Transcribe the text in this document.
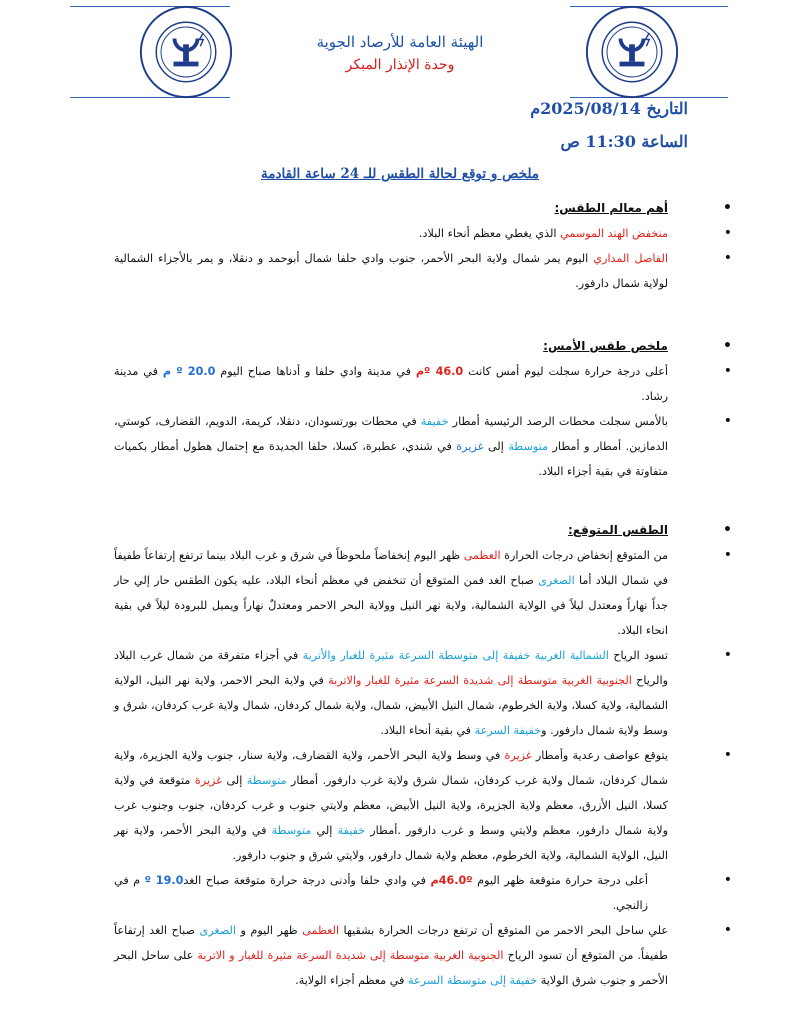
الهيئة العامة للأرصاد الجوية
وحدة الإنذار المبكر
التاريخ 2025/08/14م
الساعة 11:30 ص
ملخص و توقع لحالة الطقس للـ 24 ساعة القادمة
• أهم معالم الطقس:
• منخفض الهند الموسمي الذي يغطي معظم أنحاء البلاد.
• الفاصل المداري اليوم يمر شمال ولاية البحر الأحمر، جنوب وادي حلفا شمال أبوحمد و دنقلا، و يمر بالأجزاء الشمالية لولاية شمال دارفور.
• ملخص طقس الأمس:
• أعلى درجة حرارة سجلت ليوم أمس كانت 46.0 ºم في مدينة وادي حلفا و أدناها صباح اليوم º 20.0 م في مدينة رشاد.
• بالأمس سجلت محطات الرصد الرئيسية أمطار خفيفة في محطات بورتسودان، دنقلا، كريمة، الدويم، القضارف، كوستي، الدمازين. أمطار و أمطار متوسطة إلى غزيرة في شندي، عطبرة، كسلا، حلفا الجديدة مع إحتمال هطول أمطار بكميات متفاوتة في بقية أجزاء البلاد.
• الطقس المتوقع:
• من المتوقع إنخفاض درجات الحرارة العظمى ظهر اليوم إنخفاضاً ملحوظاً في شرق و غرب البلاد بينما ترتفع إرتفاعاً طفيفاً في شمال البلاد أما الصغرى صباح الغد فمن المتوقع أن تنخفض في معظم أنحاء البلاد، عليه يكون الطقس حار إلي حار جداً نهاراً ومعتدل ليلاً في الولاية الشمالية، ولاية نهر النيل وولاية البحر الاحمر ومعتدلٌ نهاراً ويميل للبرودة ليلاً في بقية انحاء البلاد.
• تسود الرياح الشمالية الغربية خفيفة إلى متوسطة السرعة مثيرة للغبار والأتربة في أجزاء متفرقة من شمال غرب البلاد والرياح الجنوبية الغربية متوسطة إلى شديدة السرعة مثيرة للغبار والاتربة في ولاية البحر الاحمر، ولاية نهر النيل، الولاية الشمالية، ولاية كسلا، ولاية الخرطوم، شمال النيل الأبيض، شمال، ولاية شمال كردفان، شمال ولاية غرب كردفان، شرق و وسط ولاية شمال دارفور. وخفيفة السرعة في بقية أنحاء البلاد.
• يتوقع عواصف رعدية وأمطار غزيرة في وسط ولاية البحر الأحمر، ولاية القضارف، ولاية سنار، جنوب ولاية الجزيرة، ولاية شمال كردفان، شمال ولاية غرب كردفان، شمال شرق ولاية غرب دارفور. أمطار متوسطة إلى غزيرة متوقعة في ولاية كسلا، النيل الأزرق، معظم ولاية الجزيرة، ولاية النيل الأبيض، معظم ولايتي جنوب و غرب كردفان، جنوب وجنوب غرب ولاية شمال دارفور، معظم ولايتي وسط و غرب دارفور .أمطار خفيفة إلي متوسطة في ولاية البحر الأحمر، ولاية نهر النيل، الولاية الشمالية، ولاية الخرطوم، معظم ولاية شمال دارفور، ولايتي شرق و جنوب دارفور.
• أعلى درجة حرارة متوقعة ظهر اليوم 46.0ºم في وادي حلفا وأدنى درجة حرارة متوقعة صباح الغد19.0 º م في زالنجي.
• علي ساحل البحر الاحمر من المتوقع أن ترتفع درجات الحرارة بشقيها العظمى ظهر اليوم و الصغرى صباح الغد إرتفاعاً طفيفاً. من المتوقع أن تسود الرياح الجنوبية الغربية متوسطة إلى شديدة السرعة مثيرة للغبار و الاتربة على ساحل البحر الأحمر و جنوب شرق الولاية خفيفة إلى متوسطة السرعة في معظم أجزاء الولاية.
